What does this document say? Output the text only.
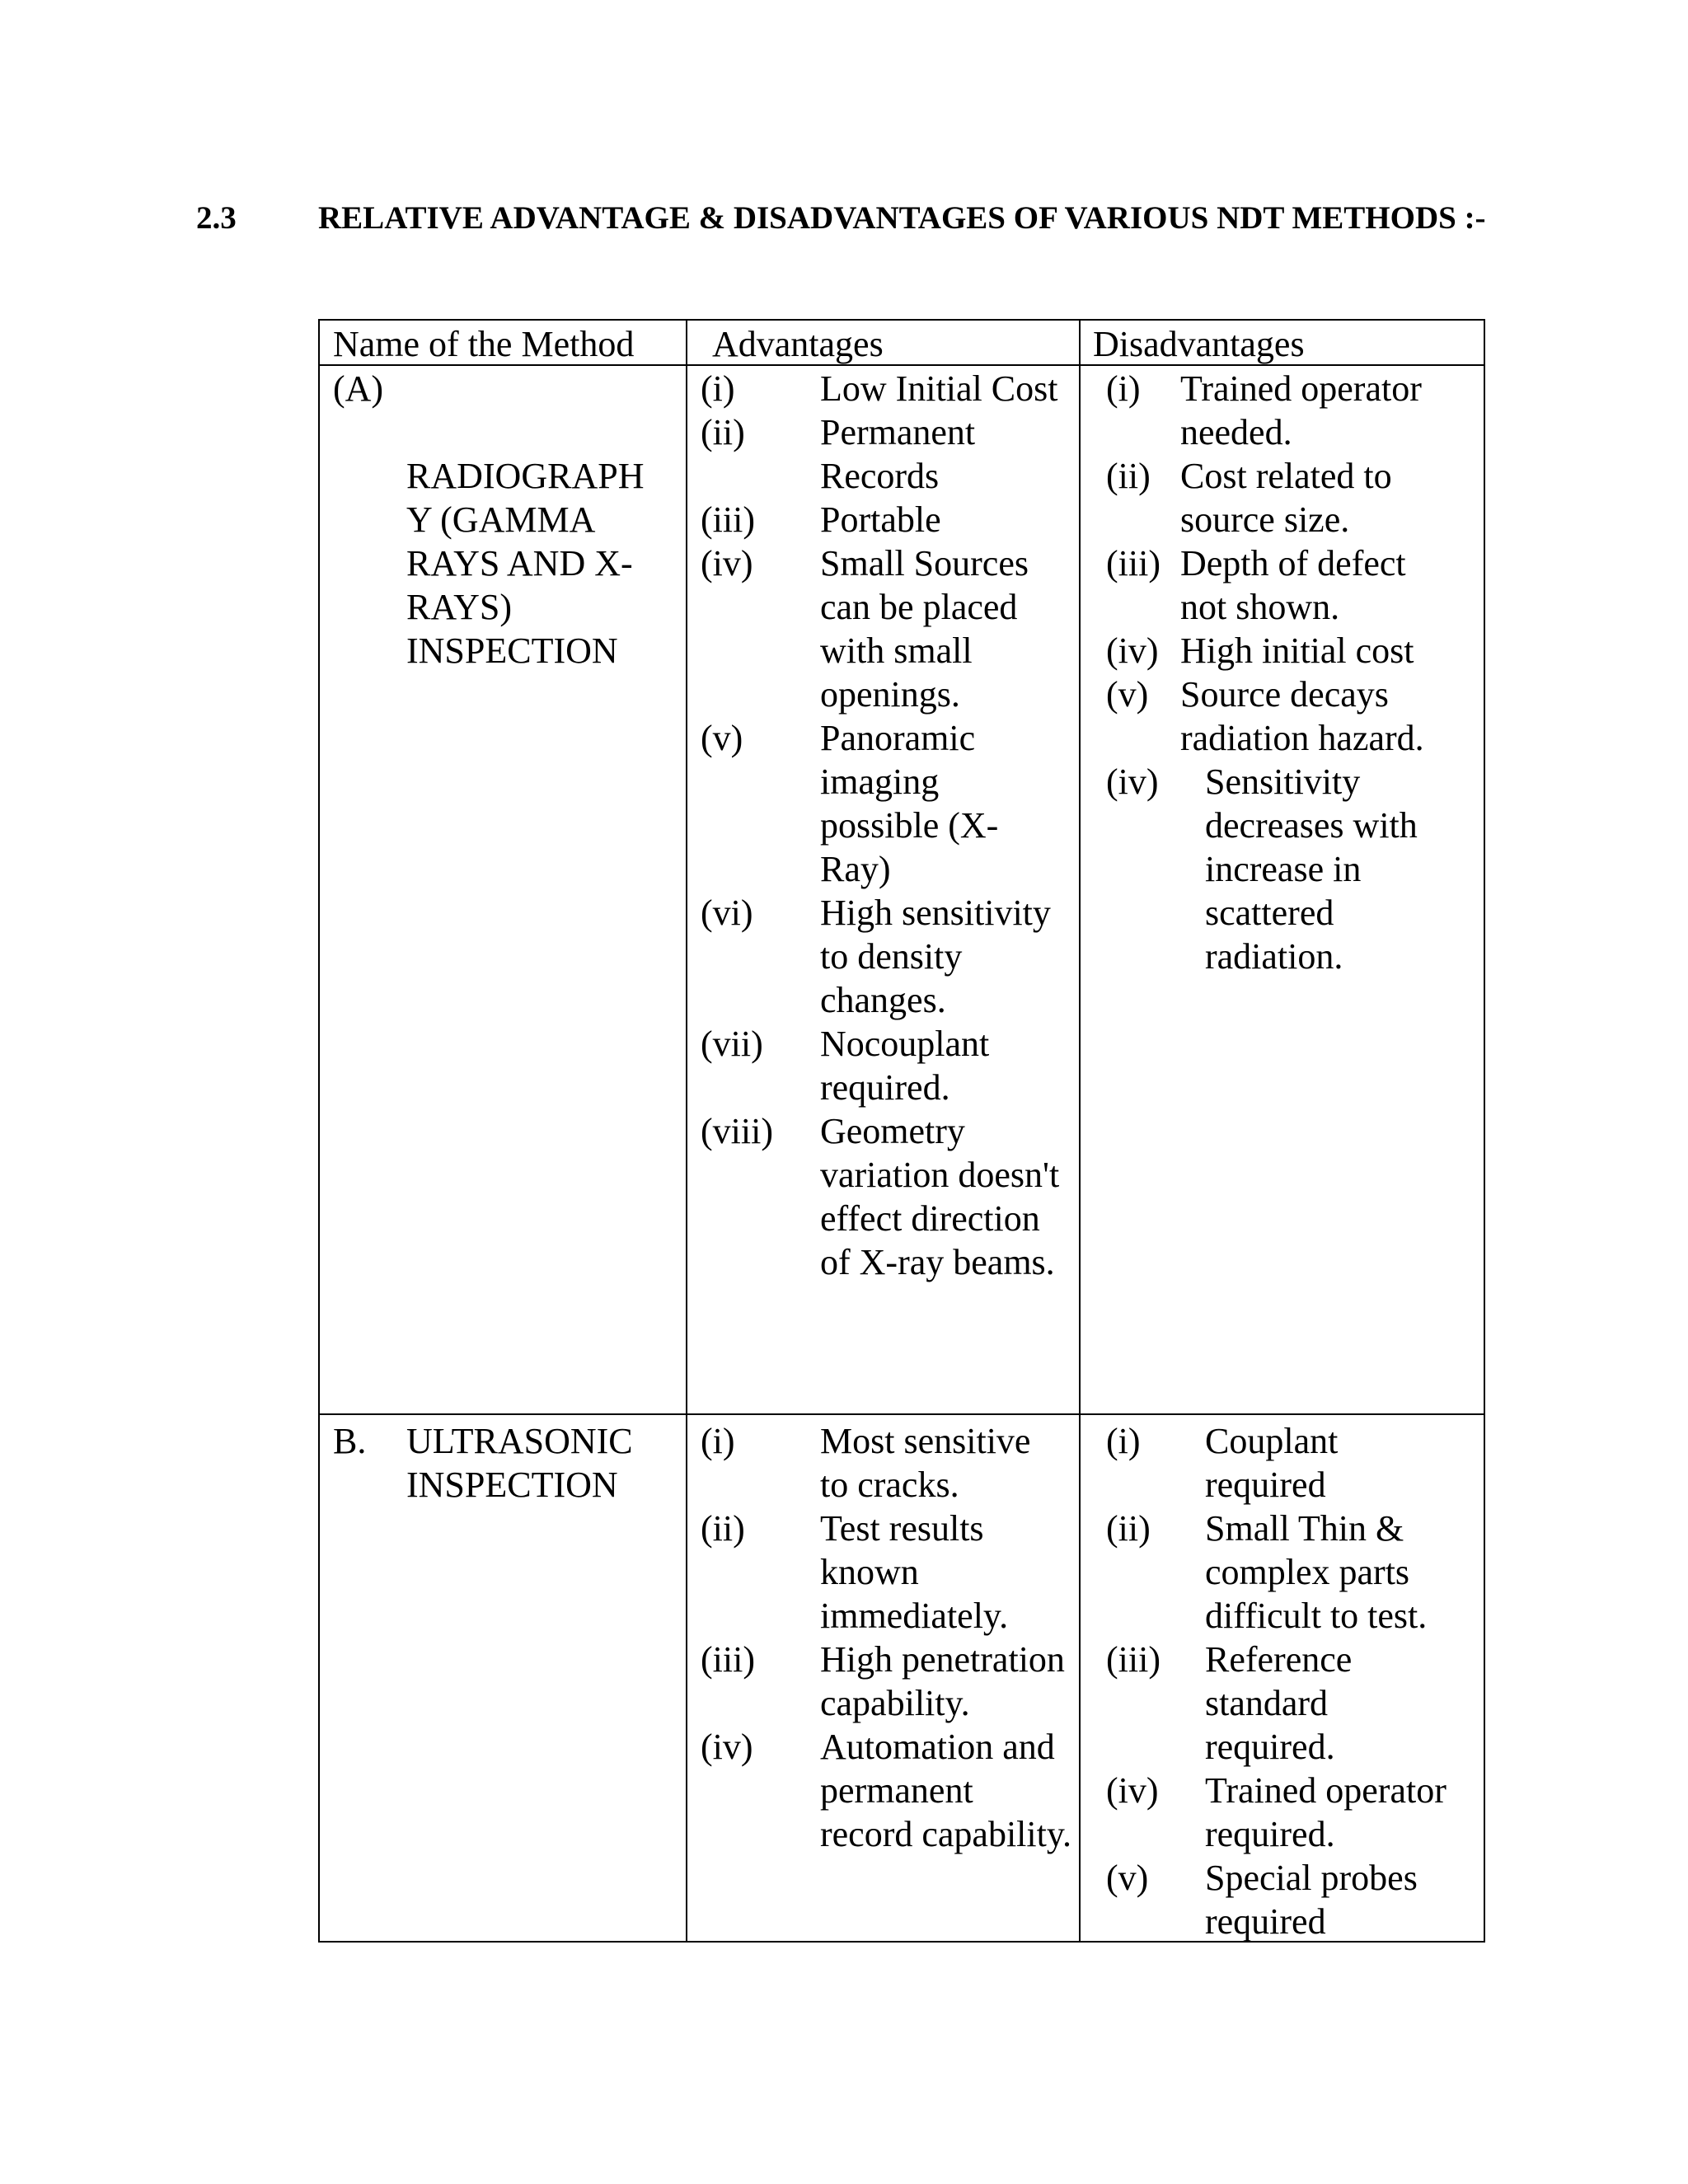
2.3	RELATIVE ADVANTAGE & DISADVANTAGES OF VARIOUS NDT METHODS :-
Name of the Method Advantages	Disadvantages
(A)
RADIOGRAPH
Y (GAMMA
RAYS AND X-
RAYS)
INSPECTION
(i) Low Initial Cost
(ii) Permanent Records
(iii) Portable
(iv) Small Sources can be placed with small openings.
(v) Panoramic imaging possible (X-Ray)
(vi) High sensitivity to density changes.
(vii) Nocouplant required.
(viii) Geometry variation doesn't effect direction of X-ray beams.
(i) Trained operator needed.
(ii) Cost related to source size.
(iii) Depth of defect not shown.
(iv) High initial cost
(v) Source decays radiation hazard.
(iv) Sensitivity decreases with increase in scattered radiation.
B. ULTRASONIC
INSPECTION
(i) Most sensitive to cracks.
(ii) Test results known immediately.
(iii) High penetration capability.
(iv) Automation and permanent record capability.
(i) Couplant required
(ii) Small Thin & complex parts difficult to test.
(iii) Reference standard required.
(iv) Trained operator required.
(v) Special probes required
